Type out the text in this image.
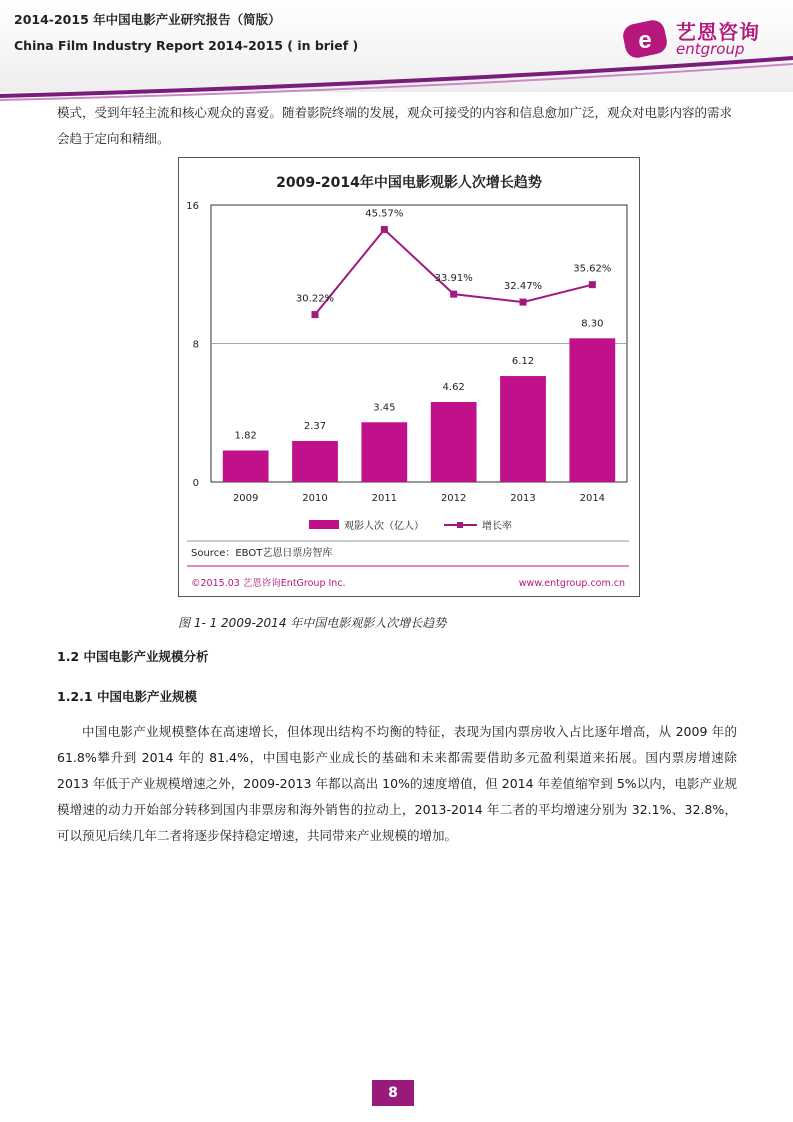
2014-2015 年中国电影产业研究报告（简版）
China Film Industry Report 2014-2015 ( in brief )	e 艺恩咨询
entgroup
模式，受到年轻主流和核心观众的喜爱。随着影院终端的发展，观众可接受的内容和信息愈加广泛，观众对电影内容的需求会趋于定向和精细。
2009-2014年中国电影观影人次增长趋势
0
8
16
1.82
2009
2.37
2010
3.45
2011
4.62
2012
6.12
2013
8.30
2014
30.22%
45.57%
33.91%
32.47%
35.62%
观影人次（亿人）	增长率
Source：EBOT艺恩日票房智库
©2015.03 艺恩咨询EntGroup Inc.	www.entgroup.com.cn
图 1- 1 2009-2014 年中国电影观影人次增长趋势
1.2 中国电影产业规模分析
1.2.1 中国电影产业规模
中国电影产业规模整体在高速增长，但体现出结构不均衡的特征，表现为国内票房收入占比逐年增高，从 2009 年的 61.8%攀升到 2014 年的 81.4%，中国电影产业成长的基础和未来都需要借助多元盈利渠道来拓展。国内票房增速除 2013 年低于产业规模增速之外，2009-2013 年都以高出 10%的速度增值，但 2014 年差值缩窄到 5%以内，电影产业规模增速的动力开始部分转移到国内非票房和海外销售的拉动上，2013-2014 年二者的平均增速分别为 32.1%、32.8%，可以预见后续几年二者将逐步保持稳定增速，共同带来产业规模的增加。
8
